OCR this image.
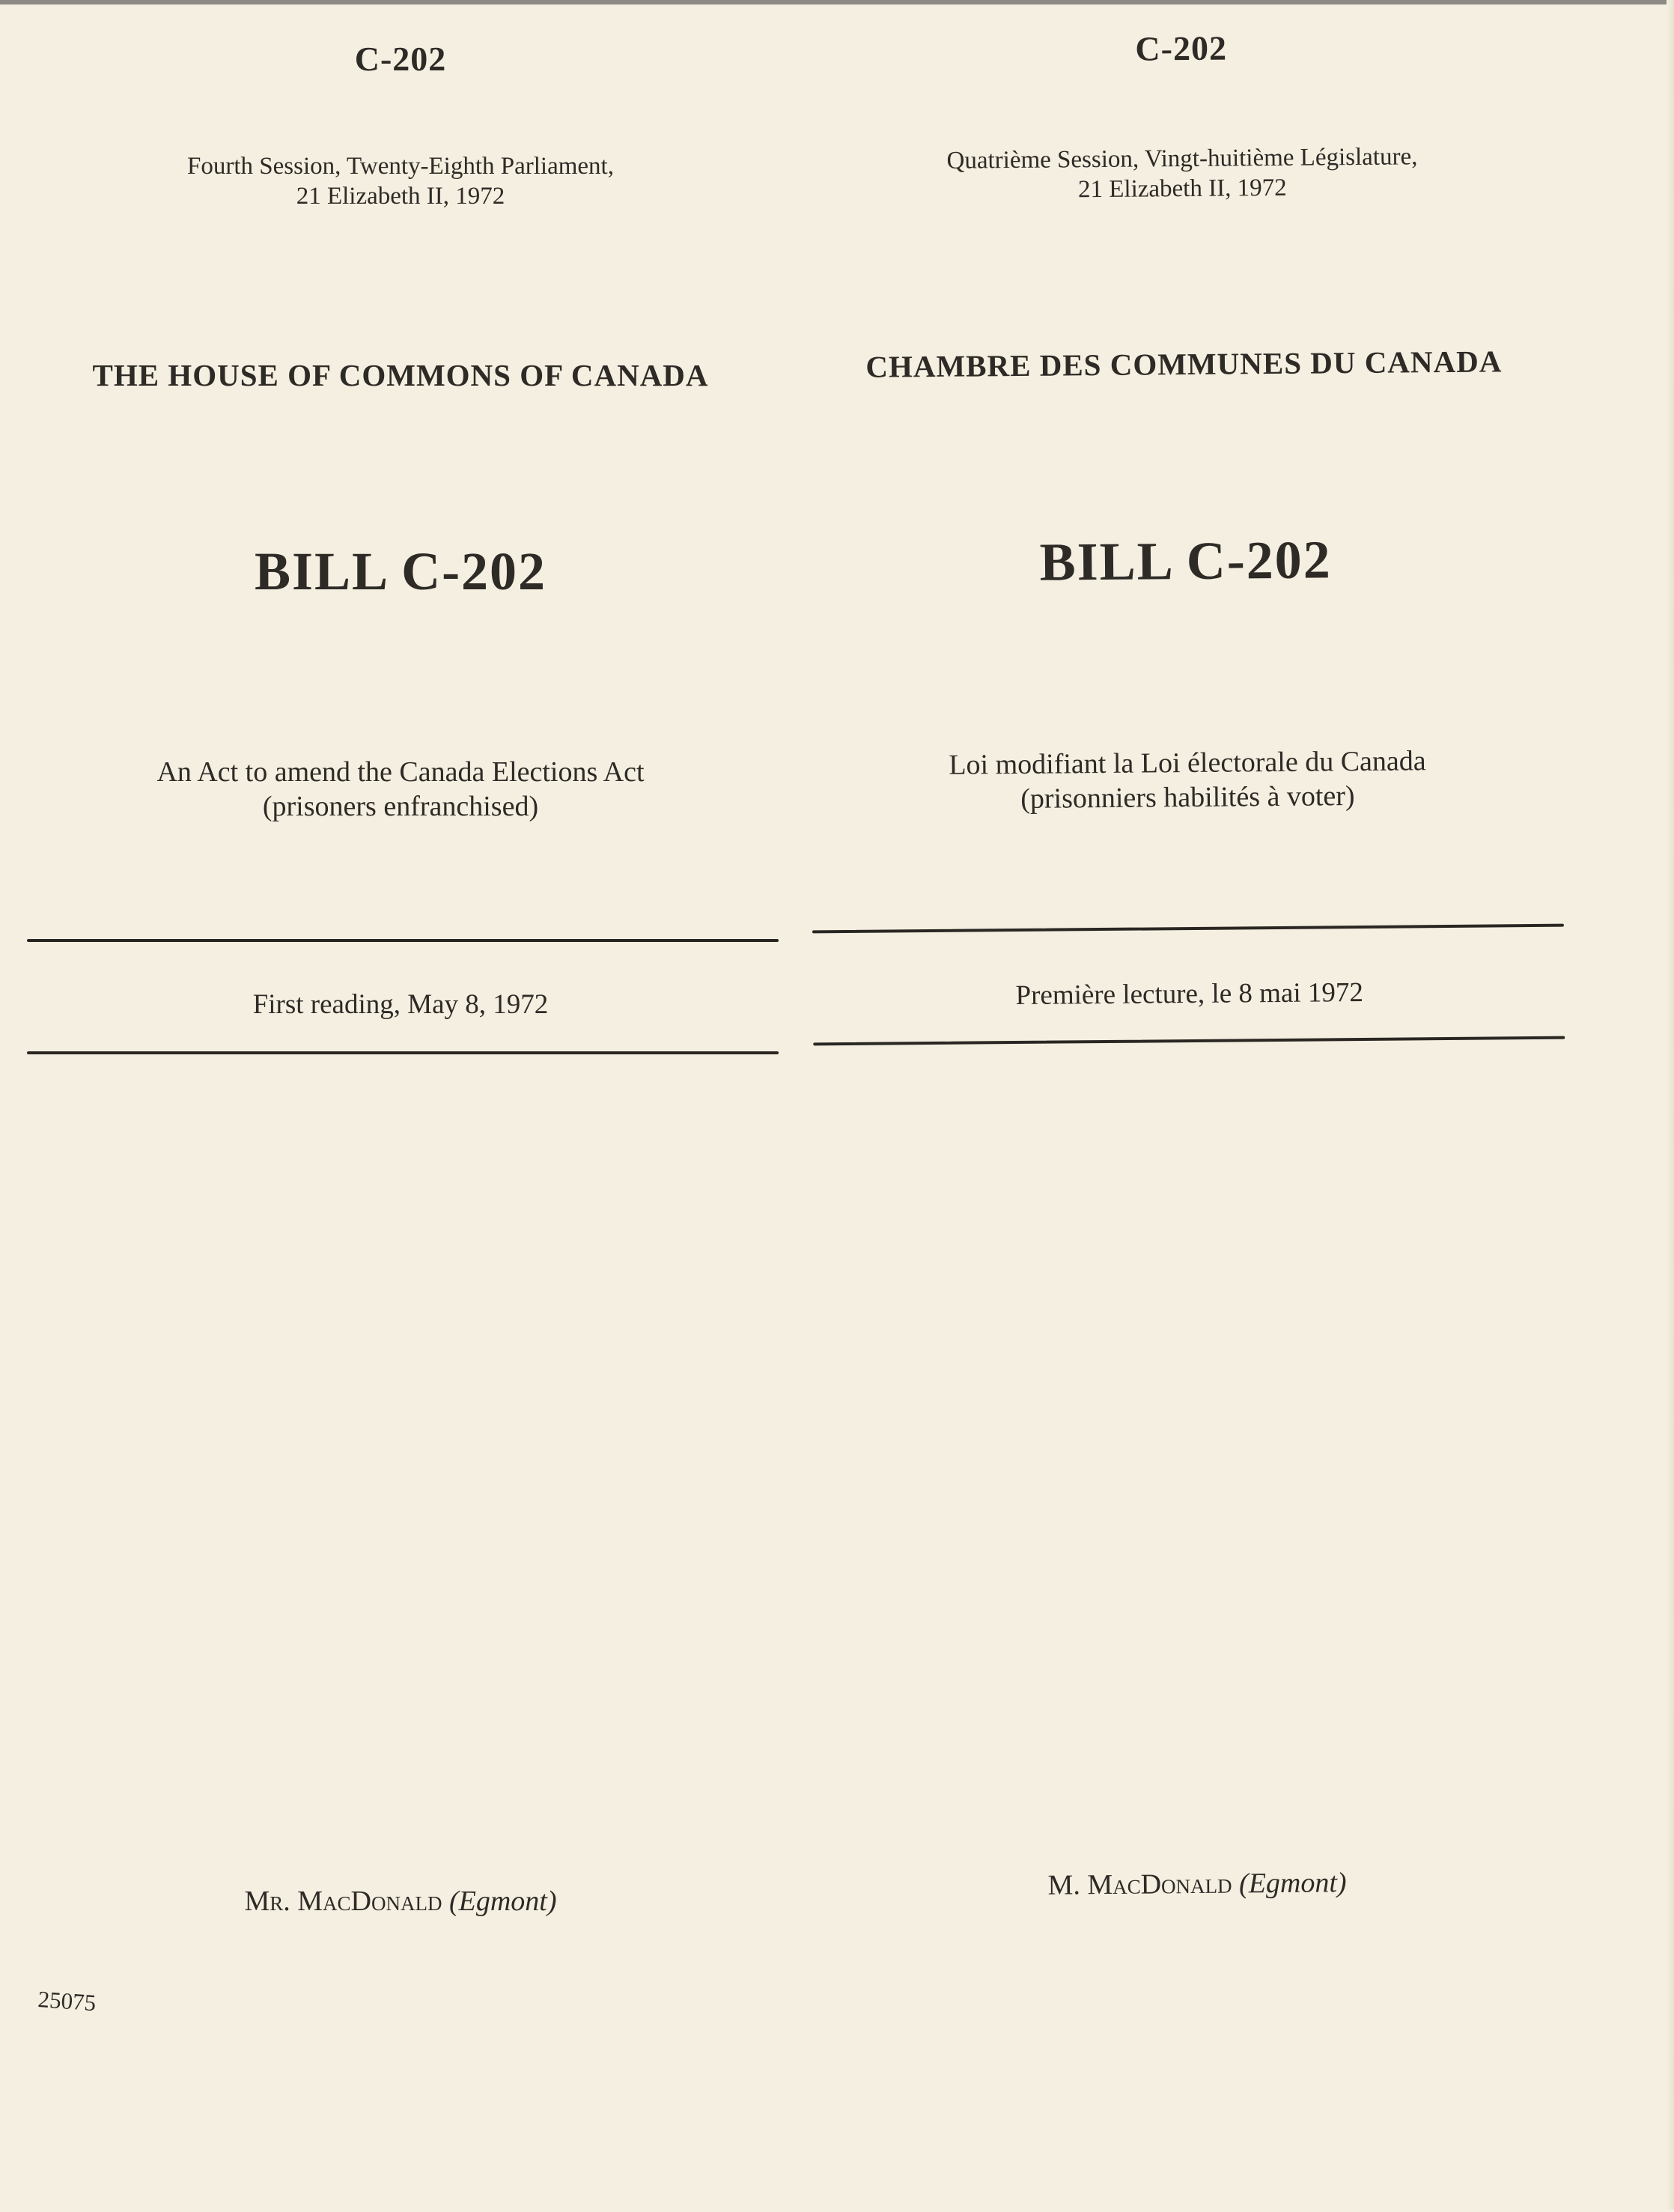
C-202
Fourth Session, Twenty-Eighth Parliament,
21 Elizabeth II, 1972
THE HOUSE OF COMMONS OF CANADA
BILL C-202
An Act to amend the Canada Elections Act
(prisoners enfranchised)
First reading, May 8, 1972
Mr. MacDonald (Egmont)
C-202
Quatrième Session, Vingt-huitième Législature,
21 Elizabeth II, 1972
CHAMBRE DES COMMUNES DU CANADA
BILL C-202
Loi modifiant la Loi électorale du Canada
(prisonniers habilités à voter)
Première lecture, le 8 mai 1972
M. MacDonald (Egmont)
25075
